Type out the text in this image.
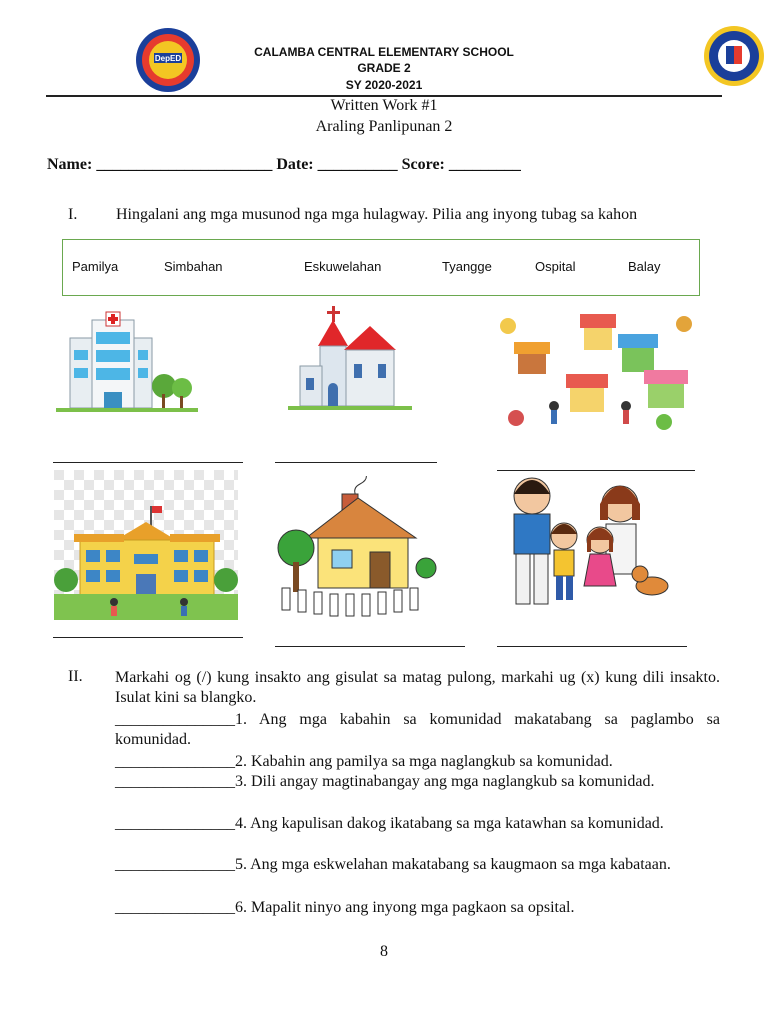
DepED	CALAMBA CENTRAL ELEMENTARY SCHOOL
GRADE 2
SY 2020-2021
Written Work #1
Araling Panlipunan 2
Name: ______________________ Date: __________ Score: _________
I. Hingalani ang mga musunod nga mga hulagway. Pilia ang inyong tubag sa kahon
Pamilya	Simbahan	Eskuwelahan	Tyangge	Ospital	Balay
II. Markahi og (/) kung insakto ang gisulat sa matag pulong, markahi ug (x) kung dili insakto. Isulat kini sa blangko.
_______________1. Ang mga kabahin sa komunidad makatabang sa paglambo sa komunidad.
_______________2. Kabahin ang pamilya sa mga naglangkub sa komunidad.
_______________3. Dili angay magtinabangay ang mga naglangkub sa komunidad.
_______________4. Ang kapulisan dakog ikatabang sa mga katawhan sa komunidad.
_______________5. Ang mga eskwelahan makatabang sa kaugmaon sa mga kabataan.
_______________6. Mapalit ninyo ang inyong mga pagkaon sa opsital.
8
